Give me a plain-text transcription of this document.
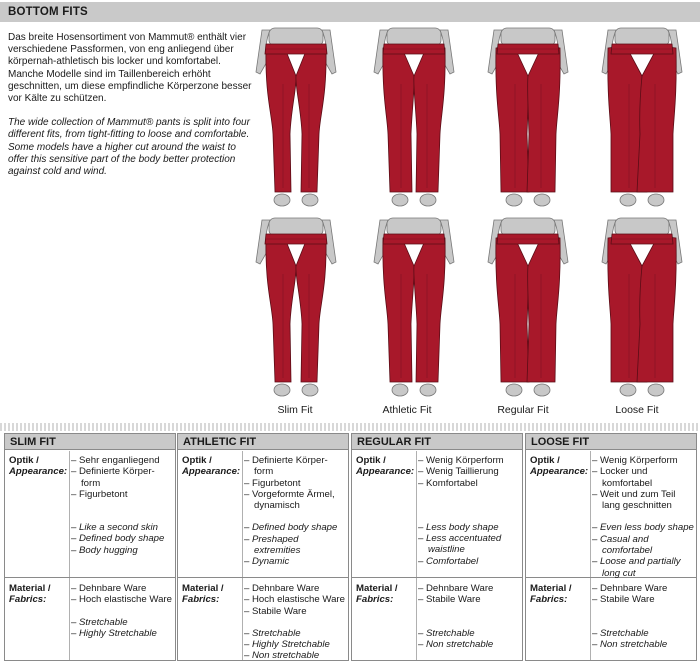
BOTTOM FITS

Das breite Hosensortiment von Mammut® enthält vier verschiedene Passformen, von eng anliegend über körpernah-athletisch bis locker und komfortabel. Manche Modelle sind im Taillenbereich erhöht geschnitten, um diese empfindliche Körperzone besser vor Kälte zu schützen.

The wide collection of Mammut® pants is split into four different fits, from tight-fitting to loose and comfortable. Some models have a higher cut around the waist to offer this sensitive part of the body better protection against cold and wind.

Slim Fit	Athletic Fit	Regular Fit	Loose Fit
SLIM FIT
Optik /
Appearance:
– Sehr enganliegend
– Definierte Körper-form
– Figurbetont
– Like a second skin
– Defined body shape
– Body hugging
Material /
Fabrics:
– Dehnbare Ware
– Hoch elastische Ware
– Stretchable
– Highly Stretchable
ATHLETIC FIT
Optik /
Appearance:
– Definierte Körper-form
– Figurbetont
– Vorgeformte Ärmel, dynamisch
– Defined body shape
– Preshaped extremities
– Dynamic
Material /
Fabrics:
– Dehnbare Ware
– Hoch elastische Ware
– Stabile Ware
– Stretchable
– Highly Stretchable
– Non stretchable
REGULAR FIT
Optik /
Appearance:
– Wenig Körperform
– Wenig Taillierung
– Komfortabel
– Less body shape
– Less accentuated waistline
– Comfortabel
Material /
Fabrics:
– Dehnbare Ware
– Stabile Ware
– Stretchable
– Non stretchable
LOOSE FIT
Optik /
Appearance:
– Wenig Körperform
– Locker und komfortabel
– Weit und zum Teil lang geschnitten
– Even less body shape
– Casual and comfortabel
– Loose and partially long cut
Material /
Fabrics:
– Dehnbare Ware
– Stabile Ware
– Stretchable
– Non stretchable
